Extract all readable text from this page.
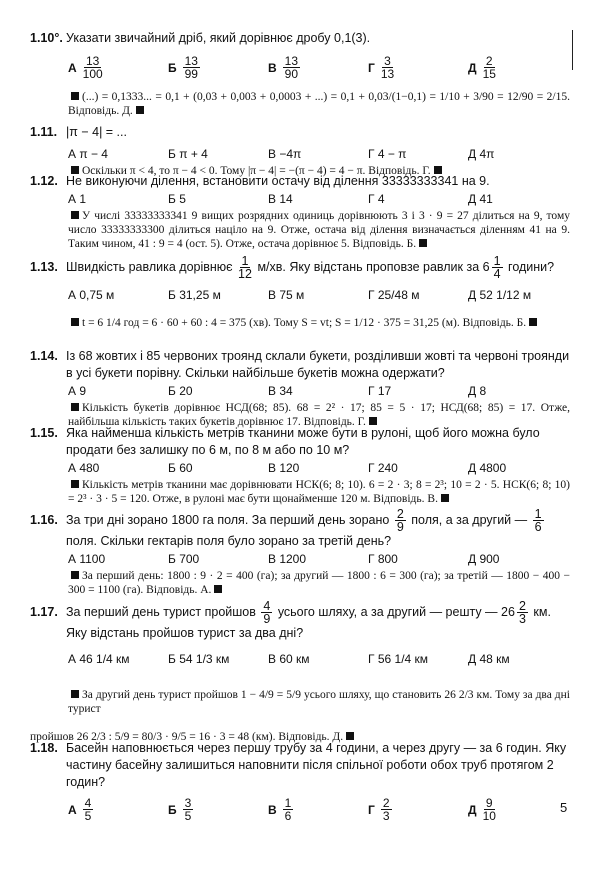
1.10°. Указати звичайний дріб, який дорівнює дробу 0,1(3).
А $\frac{13}{100}$	Б $\frac{13}{99}$	В $\frac{13}{90}$	Г $\frac{3}{13}$	Д $\frac{2}{15}$
(...) = 0,1333... = 0,1 + (0,03 + 0,003 + 0,0003 + ...) = 0,1 + 0,03/(1−0,1) = 1/10 + 3/90 = 12/90 = 2/15. Відповідь. Д.
1.11. |π − 4| = ...
А π − 4	Б π + 4	В −4π	Г 4 − π	Д 4π
Оскільки π < 4, то π − 4 < 0. Тому |π − 4| = −(π − 4) = 4 − π. Відповідь. Г.
1.12. Не виконуючи ділення, встановити остачу від ділення 33333333341 на 9.
А 1	Б 5	В 14	Г 4	Д 41
У числі 33333333341 9 вищих розрядних одиниць дорівнюють 3 і 3 · 9 = 27 ділиться на 9, тому число 33333333300 ділиться націло на 9. Отже, остача від ділення визначається діленням 41 на 9. Таким чином, 41 : 9 = 4 (ост. 5). Отже, остача дорівнює 5. Відповідь. Б.
1.13. Швидкість равлика дорівнює $\frac{1}{12} м/хв$. Яку відстань проповзе равлик за $6 \frac{1}{4}$ години?
А 0,75 м	Б 31,25 м	В 75 м	Г 25/48 м	Д 52 1/12 м
t = 6 1/4 год = 6 · 60 + 60 : 4 = 375 (хв). Тому S = vt; S = 1/12 · 375 = 31,25 (м). Відповідь. Б.
1.14. Із 68 жовтих і 85 червоних троянд склали букети, розділивши жовті та червоні троянди в усі букети порівну. Скільки найбільше букетів можна одержати?
А 9	Б 20	В 34	Г 17	Д 8
Кількість букетів дорівнює НСД(68; 85). 68 = 2² · 17; 85 = 5 · 17; НСД(68; 85) = 17. Отже, найбільша кількість таких букетів дорівнює 17. Відповідь. Г.
1.15. Яка найменша кількість метрів тканини може бути в рулоні, щоб його можна було продати без залишку по 6 м, по 8 м або по 10 м?
А 480	Б 60	В 120	Г 240	Д 4800
Кількість метрів тканини має дорівнювати НСК(6; 8; 10). 6 = 2 · 3; 8 = 2³; 10 = 2 · 5. НСК(6; 8; 10) = 2³ · 3 · 5 = 120. Отже, в рулоні має бути щонайменше 120 м. Відповідь. В.
1.16. За три дні зорано 1800 га поля. За перший день зорано $\frac{2}{9}$ поля, а за другий — $\frac{1}{6}$
поля. Скільки гектарів поля було зорано за третій день?
А 1100	Б 700	В 1200	Г 800	Д 900
За перший день: 1800 : 9 · 2 = 400 (га); за другий — 1800 : 6 = 300 (га); за третій — 1800 − 400 − 300 = 1100 (га). Відповідь. А.
1.17. За перший день турист пройшов $\frac{4}{9}$ усього шляху, а за другий — решту — $26 \frac{2}{3}$ км. Яку відстань пройшов турист за два дні?
А 46 1/4 км	Б 54 1/3 км	В 60 км	Г 56 1/4 км	Д 48 км
За другий день турист пройшов 1 − 4/9 = 5/9 усього шляху, що становить 26 2/3 км. Тому за два дні турист
пройшов 26 2/3 : 5/9 = 80/3 · 9/5 = 16 · 3 = 48 (км). Відповідь. Д.
1.18. Басейн наповнюється через першу трубу за 4 години, а через другу — за 6 годин. Яку частину басейну залишиться наповнити після спільної роботи обох труб протягом 2 годин?
А $\frac{4}{5}$	Б $\frac{3}{5}$	В $\frac{1}{6}$	Г $\frac{2}{3}$	Д $\frac{9}{10}$	5
